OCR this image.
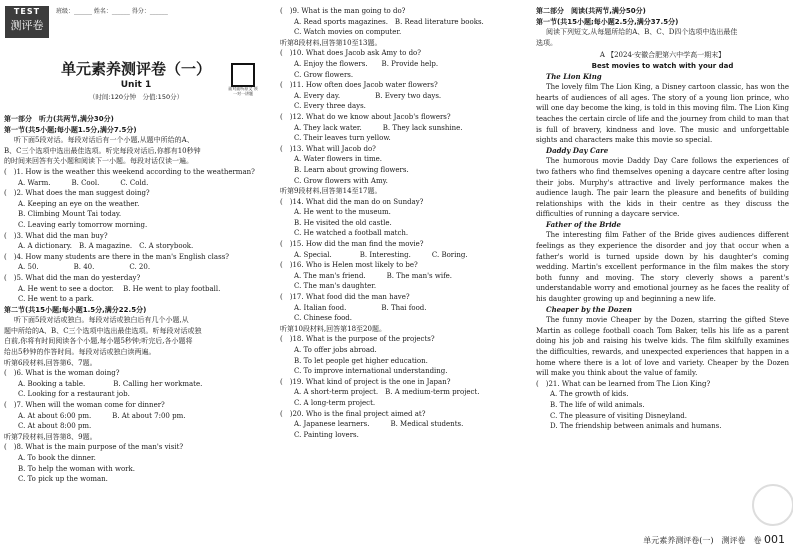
TEST
测评卷
班级：______ 姓名：______ 得分：______
单元素养测评卷（一）
Unit 1
（时间:120分钟　分值:150分）
面对面听原文 领一对一讲题
第一部分　听力(共两节,满分30分)
第一节(共5小题;每小题1.5分,满分7.5分)
听下面5段对话。每段对话后有一个小题,从题中所给的A、
B、C三个选项中选出最佳选项。听完每段对话后,你都有10秒钟
的时间来回答有关小题和阅读下一小题。每段对话仅读一遍。
(　)1. How is the weather this weekend according to the weatherman?
A. Warm.　　　B. Cool.　　　C. Cold.
(　)2. What does the man suggest doing?
A. Keeping an eye on the weather.
B. Climbing Mount Tai today.
C. Leaving early tomorrow morning.
(　)3. What did the man buy?
A. A dictionary.　B. A magazine.　C. A storybook.
(　)4. How many students are there in the man's English class?
A. 50.　　　　　B. 40.　　　　　C. 20.
(　)5. What did the man do yesterday?
A. He went to see a doctor.　 B. He went to play football.
C. He went to a park.
第二节(共15小题;每小题1.5分,满分22.5分)
听下面5段对话或独白。每段对话或独白后有几个小题,从
题中所给的A、B、C三个选项中选出最佳选项。听每段对话或独
白前,你将有时间阅读各个小题,每小题5秒钟;听完后,各小题将
给出5秒钟的作答时间。每段对话或独白读两遍。
听第6段材料,回答第6、7题。
(　)6. What is the woman doing?
A. Booking a table.　　　　B. Calling her workmate.
C. Looking for a restaurant job.
(　)7. When will the woman come for dinner?
A. At about 6:00 pm.　　　B. At about 7:00 pm.
C. At about 8:00 pm.
听第7段材料,回答第8、9题。
(　)8. What is the main purpose of the man's visit?
A. To book the dinner.
B. To help the woman with work.
C. To pick up the woman.
(　)9. What is the man going to do?
A. Read sports magazines.　B. Read literature books.
C. Watch movies on computer.
听第8段材料,回答第10至13题。
(　)10. What does Jacob ask Amy to do?
A. Enjoy the flowers.　　B. Provide help.
C. Grow flowers.
(　)11. How often does Jacob water flowers?
A. Every day.　　　　　B. Every two days.
C. Every three days.
(　)12. What do we know about Jacob's flowers?
A. They lack water.　　　B. They lack sunshine.
C. Their leaves turn yellow.
(　)13. What will Jacob do?
A. Water flowers in time.
B. Learn about growing flowers.
C. Grow flowers with Amy.
听第9段材料,回答第14至17题。
(　)14. What did the man do on Sunday?
A. He went to the museum.
B. He visited the old castle.
C. He watched a football match.
(　)15. How did the man find the movie?
A. Special.　　　　B. Interesting.　　　C. Boring.
(　)16. Who is Helen most likely to be?
A. The man's friend.　　　B. The man's wife.
C. The man's daughter.
(　)17. What food did the man have?
A. Italian food.　　　　　B. Thai food.
C. Chinese food.
听第10段材料,回答第18至20题。
(　)18. What is the purpose of the projects?
A. To offer jobs abroad.
B. To let people get higher education.
C. To improve international understanding.
(　)19. What kind of project is the one in Japan?
A. A short-term project.　B. A medium-term project.
C. A long-term project.
(　)20. Who is the final project aimed at?
A. Japanese learners.　　　B. Medical students.
C. Painting lovers.
第二部分　阅读(共两节,满分50分)
第一节(共15小题;每小题2.5分,满分37.5分)
阅读下列短文,从每题所给的A、B、C、D四个选项中选出最佳
选项。
A 【2024·安徽合肥第六中学高一期末】
Best movies to watch with your dad
The Lion King
The lovely film The Lion King, a Disney cartoon classic, has won the hearts of audiences of all ages. The story of a young lion prince, who will one day become the king, is told in this moving film. The Lion King teaches the certain circle of life and the journey from child to man that is full of bravery, kindness and love. The music and unforgettable sights and characters make this movie so special.
Daddy Day Care
The humorous movie Daddy Day Care follows the experiences of two fathers who find themselves opening a daycare centre after losing their jobs. Murphy's attractive and lively performance makes the audience laugh. The pair learn the pleasure and benefits of building relationships with the kids in their centre as they discuss the difficulties of running a daycare service.
Father of the Bride
The interesting film Father of the Bride gives audiences different feelings as they experience the disorder and joy that occur when a father's world is turned upside down by his daughter's coming wedding. Martin's excellent performance in the film makes the story both funny and moving. The story cleverly shows a parent's understandable worry and emotional journey as he faces the reality of his daughter growing up and beginning a new life.
Cheaper by the Dozen
The funny movie Cheaper by the Dozen, starring the gifted Steve Martin as college football coach Tom Baker, tells his life as a parent doing his job and raising his twelve kids. The film skilfully examines the difficulties, rewards, and unexpected experiences that happen in a home where there is a lot of love and variety. Cheaper by the Dozen will make you think about the value of family.
(　)21. What can be learned from The Lion King?
A. The growth of kids.
B. The life of wild animals.
C. The pleasure of visiting Disneyland.
D. The friendship between animals and humans.
单元素养测评卷(一)　测评卷　卷 001
